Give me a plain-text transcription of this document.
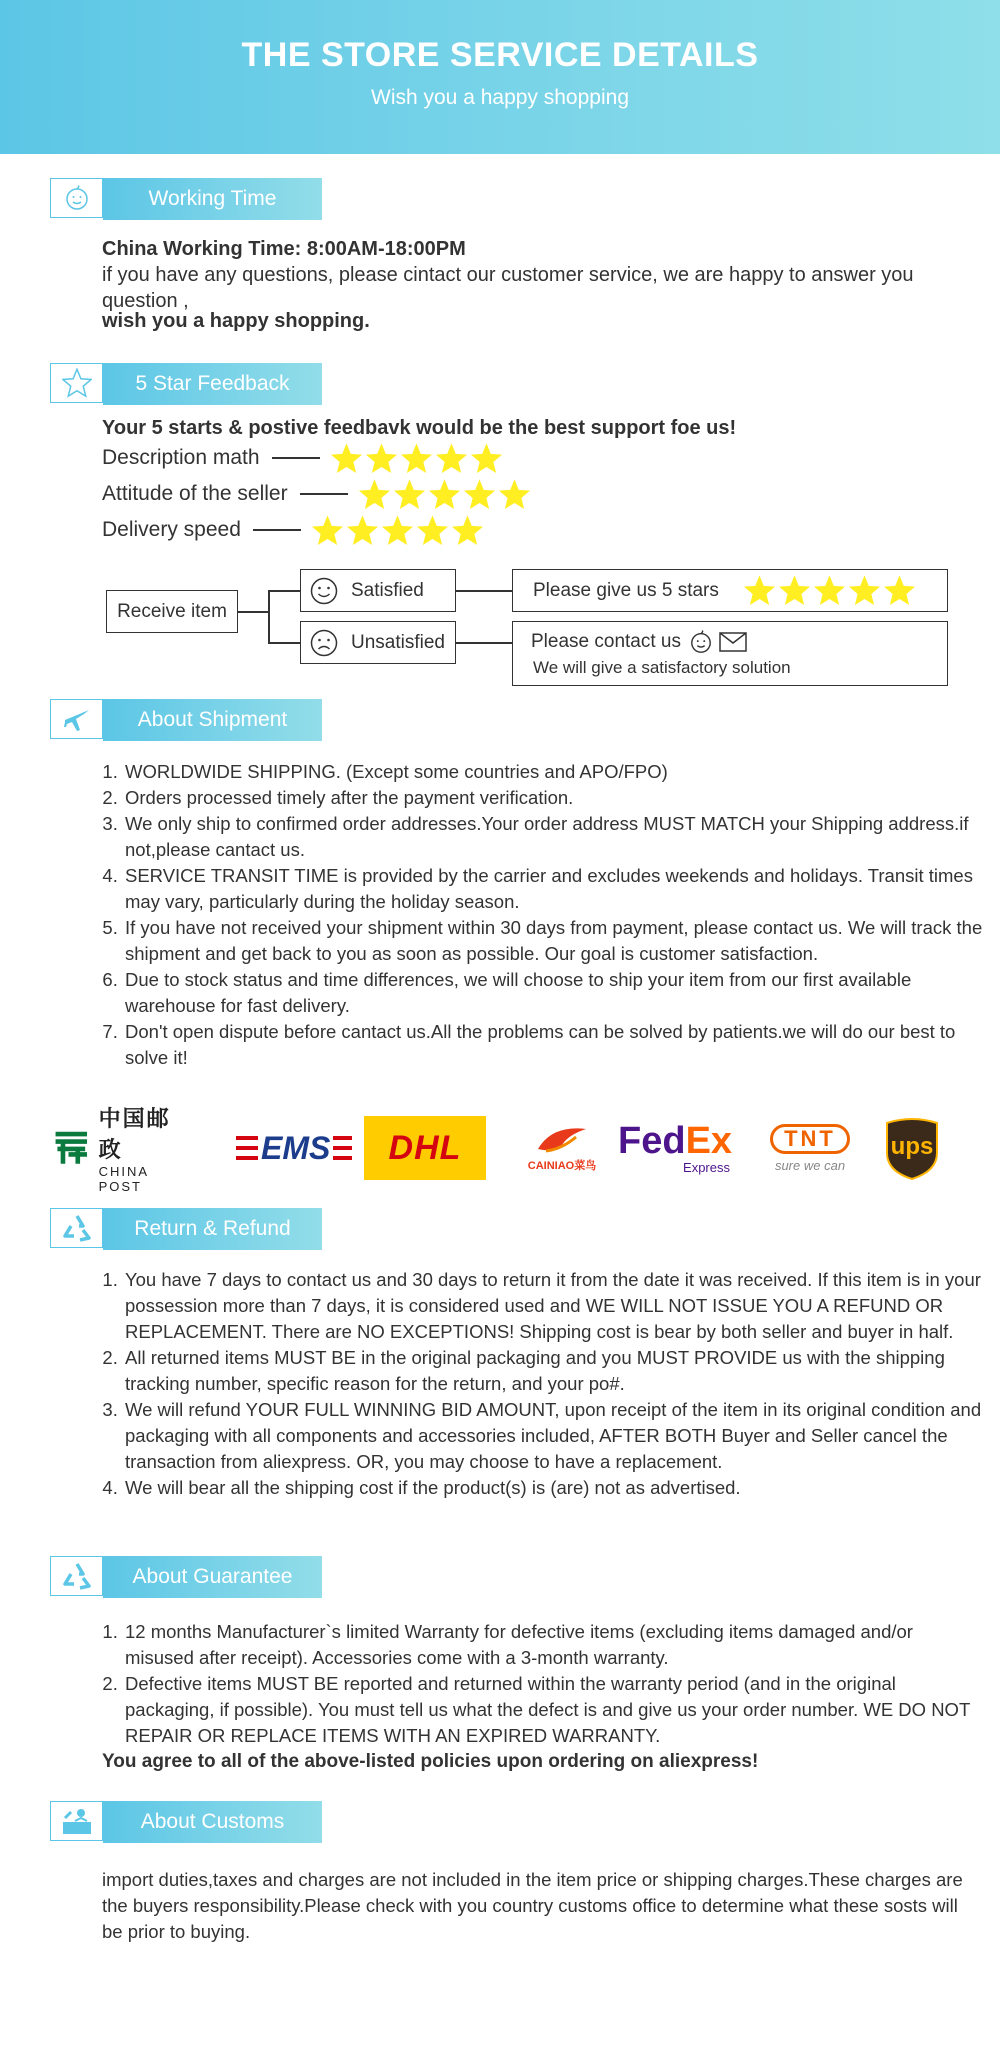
THE STORE SERVICE DETAILS
Wish you a happy shopping
Working Time
China Working Time: 8:00AM-18:00PM
if you have any questions, please cintact our customer service, we are happy to answer you question ,
wish you a happy shopping.
5 Star Feedback
Your 5 starts & postive feedbavk would be the best support foe us!
Description math
Attitude of the seller
Delivery speed
Receive item
Satisfied
Unsatisfied
Please give us 5 stars
Please contact us
We will give a satisfactory solution
About Shipment
1. WORLDWIDE SHIPPING. (Except some countries and APO/FPO)
2. Orders processed timely after the payment verification.
3. We only ship to confirmed order addresses.Your order address MUST MATCH your Shipping address.if not,please cantact us.
4. SERVICE TRANSIT TIME is provided by the carrier and excludes weekends and holidays. Transit times may vary, particularly during the holiday season.
5. If you have not received your shipment within 30 days from payment, please contact us. We will track the shipment and get back to you as soon as possible. Our goal is customer satisfaction.
6. Due to stock status and time differences, we will choose to ship your item from our first available warehouse for fast delivery.
7. Don't open dispute before cantact us.All the problems can be solved by patients.we will do our best to solve it!
中国邮政
CHINA POST
EMS DHL	CAINIAO菜鸟
FedEx
Express
TNT
sure we can
ups
Return & Refund
1. You have 7 days to contact us and 30 days to return it from the date it was received. If this item is in your possession more than 7 days, it is considered used and WE WILL NOT ISSUE YOU A REFUND OR REPLACEMENT. There are NO EXCEPTIONS! Shipping cost is bear by both seller and buyer in half.
2. All returned items MUST BE in the original packaging and you MUST PROVIDE us with the shipping tracking number, specific reason for the return, and your po#.
3. We will refund YOUR FULL WINNING BID AMOUNT, upon receipt of the item in its original condition and packaging with all components and accessories included, AFTER BOTH Buyer and Seller cancel the transaction from aliexpress. OR, you may choose to have a replacement.
4. We will bear all the shipping cost if the product(s) is (are) not as advertised.
About Guarantee
1. 12 months Manufacturer`s limited Warranty for defective items (excluding items damaged and/or misused after receipt). Accessories come with a 3-month warranty.
2. Defective items MUST BE reported and returned within the warranty period (and in the original packaging, if possible). You must tell us what the defect is and give us your order number. WE DO NOT REPAIR OR REPLACE ITEMS WITH AN EXPIRED WARRANTY.
You agree to all of the above-listed policies upon ordering on aliexpress!
About Customs
import duties,taxes and charges are not included in the item price or shipping charges.These charges are the buyers responsibility.Please check with you country customs office to determine what these sosts will be prior to buying.
